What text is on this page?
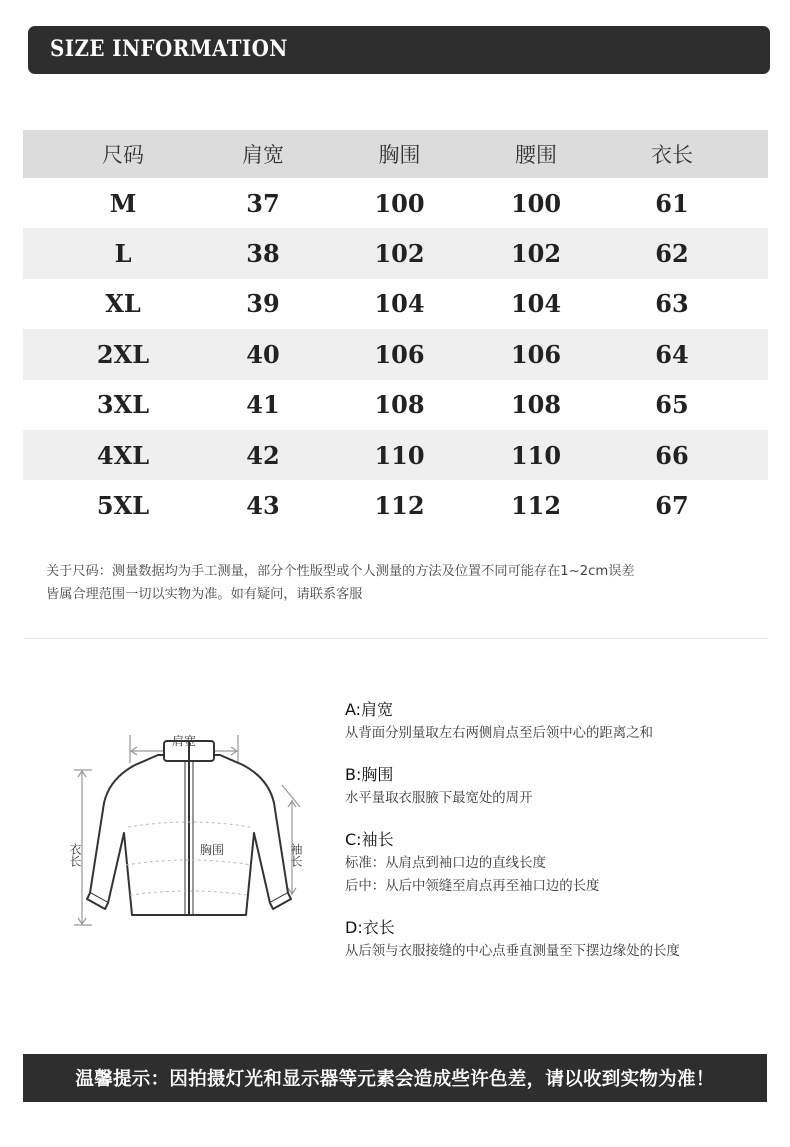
SIZE INFORMATION
尺码	肩宽	胸围	腰围	衣长
M	37	100	100	61
L	38	102	102	62
XL	39	104	104	63
2XL	40	106	106	64
3XL	41	108	108	65
4XL	42	110	110	66
5XL	43	112	112	67
关于尺码：测量数据均为手工测量，部分个性版型或个人测量的方法及位置不同可能存在1~2cm误差
皆属合理范围一切以实物为准。如有疑问，请联系客服
肩宽
胸围
衣长	袖长
A:肩宽
从背面分别量取左右两侧肩点至后领中心的距离之和
B:胸围
水平量取衣服腋下最宽处的周开
C:袖长
标准：从肩点到袖口边的直线长度
后中：从后中领缝至肩点再至袖口边的长度
D:衣长
从后领与衣服接缝的中心点垂直测量至下摆边缘处的长度
温馨提示：因拍摄灯光和显示器等元素会造成些许色差，请以收到实物为准！
